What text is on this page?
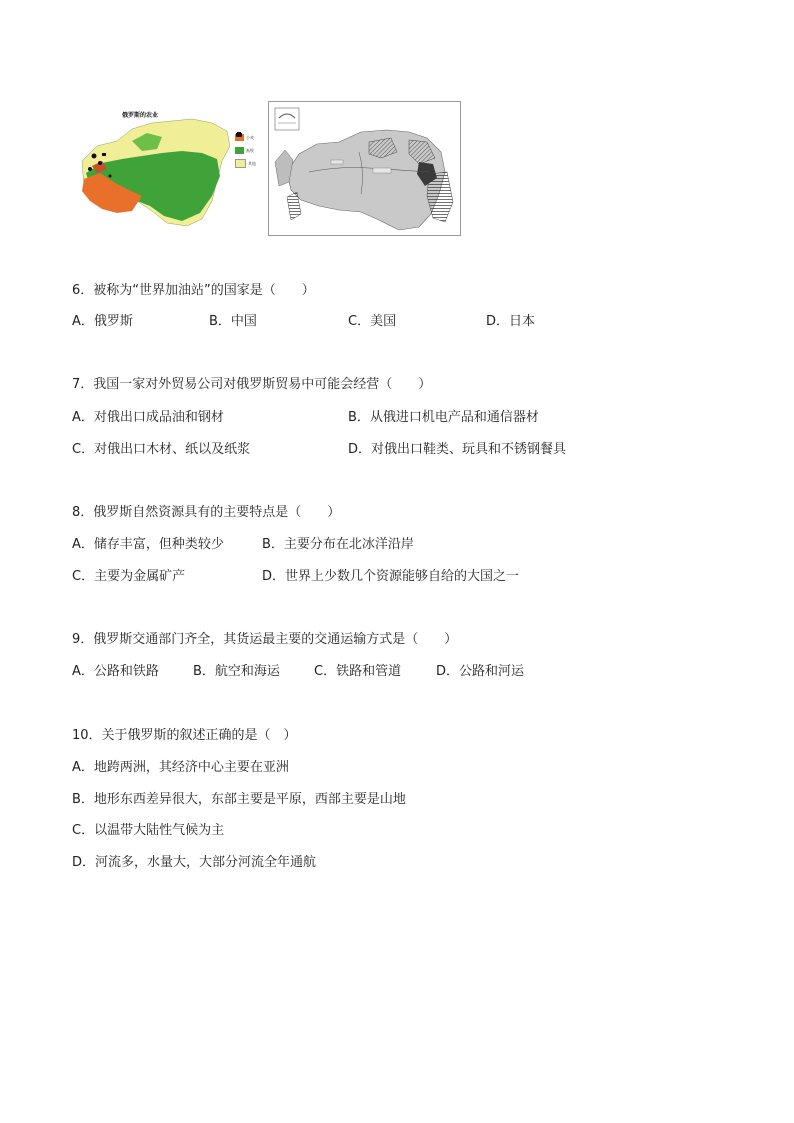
俄罗斯的农业
小麦
畜牧
其他
6．被称为“世界加油站”的国家是（　　）
A．俄罗斯	B．中国	C．美国	D．日本
7．我国一家对外贸易公司对俄罗斯贸易中可能会经营（　　）
A．对俄出口成品油和钢材	B．从俄进口机电产品和通信器材
C．对俄出口木材、纸以及纸浆	D．对俄出口鞋类、玩具和不锈钢餐具
8．俄罗斯自然资源具有的主要特点是（　　）
A．储存丰富，但种类较少	B．主要分布在北冰洋沿岸
C．主要为金属矿产	D．世界上少数几个资源能够自给的大国之一
9．俄罗斯交通部门齐全，其货运最主要的交通运输方式是（　　）
A．公路和铁路	B．航空和海运	C．铁路和管道	D．公路和河运
10．关于俄罗斯的叙述正确的是（　）
A．地跨两洲，其经济中心主要在亚洲
B．地形东西差异很大，东部主要是平原，西部主要是山地
C．以温带大陆性气候为主
D．河流多，水量大，大部分河流全年通航
